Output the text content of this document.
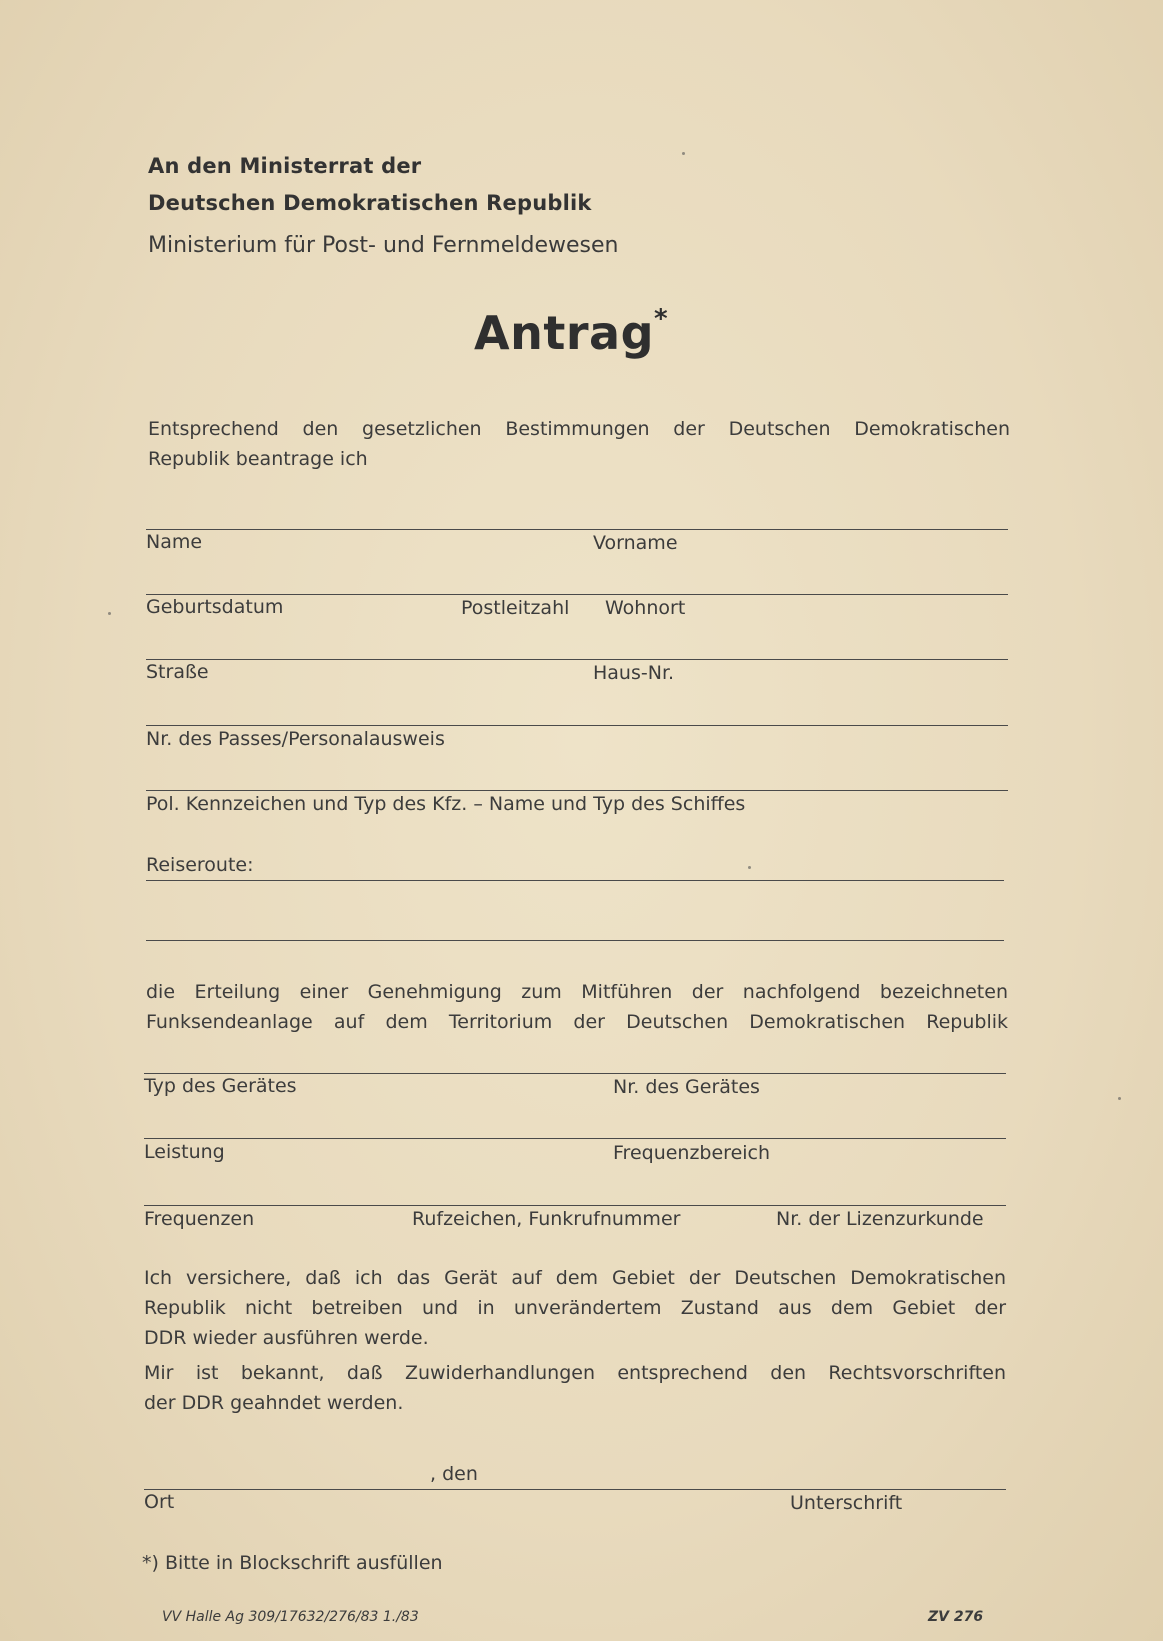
An den Ministerrat der
Deutschen Demokratischen Republik
Ministerium für Post- und Fernmeldewesen
Antrag*
Entsprechend den gesetzlichen Bestimmungen der Deutschen Demokratischen
Republik beantrage ich
Name	Vorname
Geburtsdatum	Postleitzahl Wohnort
Straße	Haus-Nr.
Nr. des Passes/Personalausweis
Pol. Kennzeichen und Typ des Kfz. – Name und Typ des Schiffes
Reiseroute:
die Erteilung einer Genehmigung zum Mitführen der nachfolgend bezeichneten
Funksendeanlage auf dem Territorium der Deutschen Demokratischen Republik
Typ des Gerätes	Nr. des Gerätes
Leistung	Frequenzbereich
Frequenzen	Rufzeichen, Funkrufnummer	Nr. der Lizenzurkunde
Ich versichere, daß ich das Gerät auf dem Gebiet der Deutschen Demokratischen
Republik nicht betreiben und in unverändertem Zustand aus dem Gebiet der
DDR wieder ausführen werde.
Mir ist bekannt, daß Zuwiderhandlungen entsprechend den Rechtsvorschriften
der DDR geahndet werden.
, den
Ort	Unterschrift
*) Bitte in Blockschrift ausfüllen
VV Halle Ag 309/17632/276/83 1./83	ZV 276
